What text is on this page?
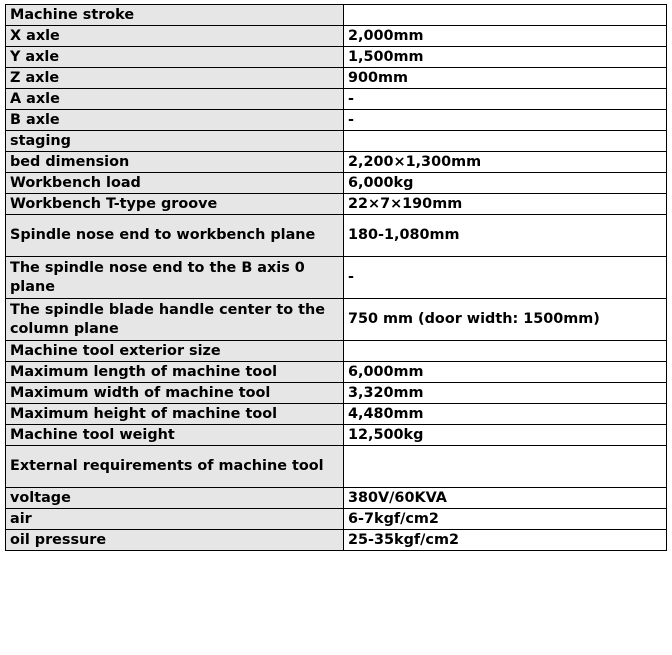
Machine stroke	
X axle	2,000mm
Y axle	1,500mm
Z axle	900mm
A axle	-
B axle	-
staging	
bed dimension	2,200×1,300mm
Workbench load	6,000kg
Workbench T-type groove	22×7×190mm
Spindle nose end to workbench plane	180-1,080mm
The spindle nose end to the B axis 0 plane	-
The spindle blade handle center to the column plane	750 mm (door width: 1500mm)
Machine tool exterior size	
Maximum length of machine tool	6,000mm
Maximum width of machine tool	3,320mm
Maximum height of machine tool	4,480mm
Machine tool weight	12,500kg
External requirements of machine tool	
voltage	380V/60KVA
air	6-7kgf/cm2
oil pressure	25-35kgf/cm2
